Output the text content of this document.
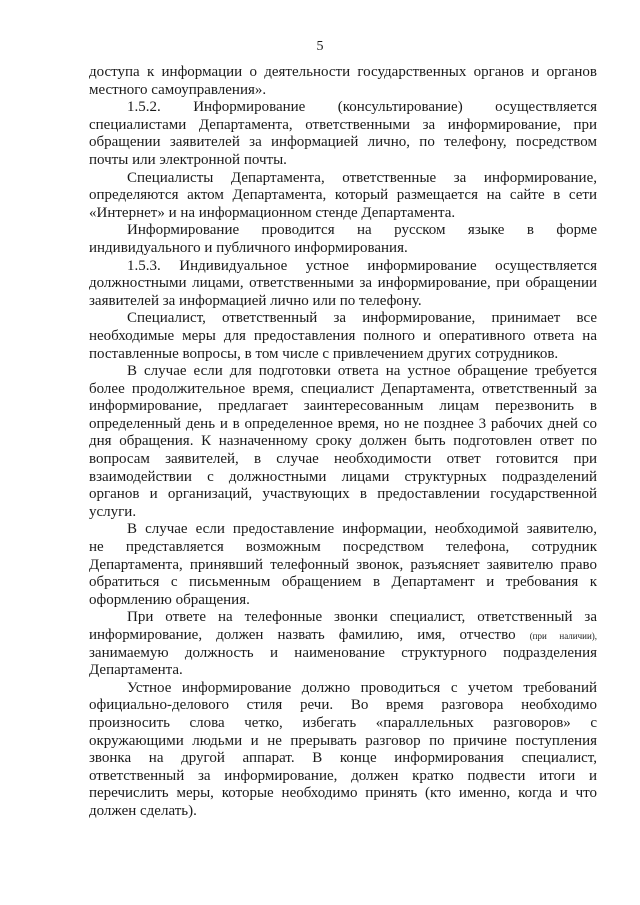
5
доступа к информации о деятельности государственных органов и органов
местного самоуправления».
1.5.2. Информирование (консультирование) осуществляется
специалистами Департамента, ответственными за информирование, при
обращении заявителей за информацией лично, по телефону, посредством
почты или электронной почты.
Специалисты Департамента, ответственные за информирование,
определяются актом Департамента, который размещается на сайте в сети
«Интернет» и на информационном стенде Департамента.
Информирование проводится на русском языке в форме
индивидуального и публичного информирования.
1.5.3. Индивидуальное устное информирование осуществляется
должностными лицами, ответственными за информирование, при обращении
заявителей за информацией лично или по телефону.
Специалист, ответственный за информирование, принимает все
необходимые меры для предоставления полного и оперативного ответа на
поставленные вопросы, в том числе с привлечением других сотрудников.
В случае если для подготовки ответа на устное обращение требуется
более продолжительное время, специалист Департамента, ответственный за
информирование, предлагает заинтересованным лицам перезвонить в
определенный день и в определенное время, но не позднее 3 рабочих дней со
дня обращения. К назначенному сроку должен быть подготовлен ответ по
вопросам заявителей, в случае необходимости ответ готовится при
взаимодействии с должностными лицами структурных подразделений
органов и организаций, участвующих в предоставлении государственной
услуги.
В случае если предоставление информации, необходимой заявителю,
не представляется возможным посредством телефона, сотрудник
Департамента, принявший телефонный звонок, разъясняет заявителю право
обратиться с письменным обращением в Департамент и требования к
оформлению обращения.
При ответе на телефонные звонки специалист, ответственный за
информирование, должен назвать фамилию, имя, отчество (при наличии),
занимаемую должность и наименование структурного подразделения
Департамента.
Устное информирование должно проводиться с учетом требований
официально-делового стиля речи. Во время разговора необходимо
произносить слова четко, избегать «параллельных разговоров» с
окружающими людьми и не прерывать разговор по причине поступления
звонка на другой аппарат. В конце информирования специалист,
ответственный за информирование, должен кратко подвести итоги и
перечислить меры, которые необходимо принять (кто именно, когда и что
должен сделать).
